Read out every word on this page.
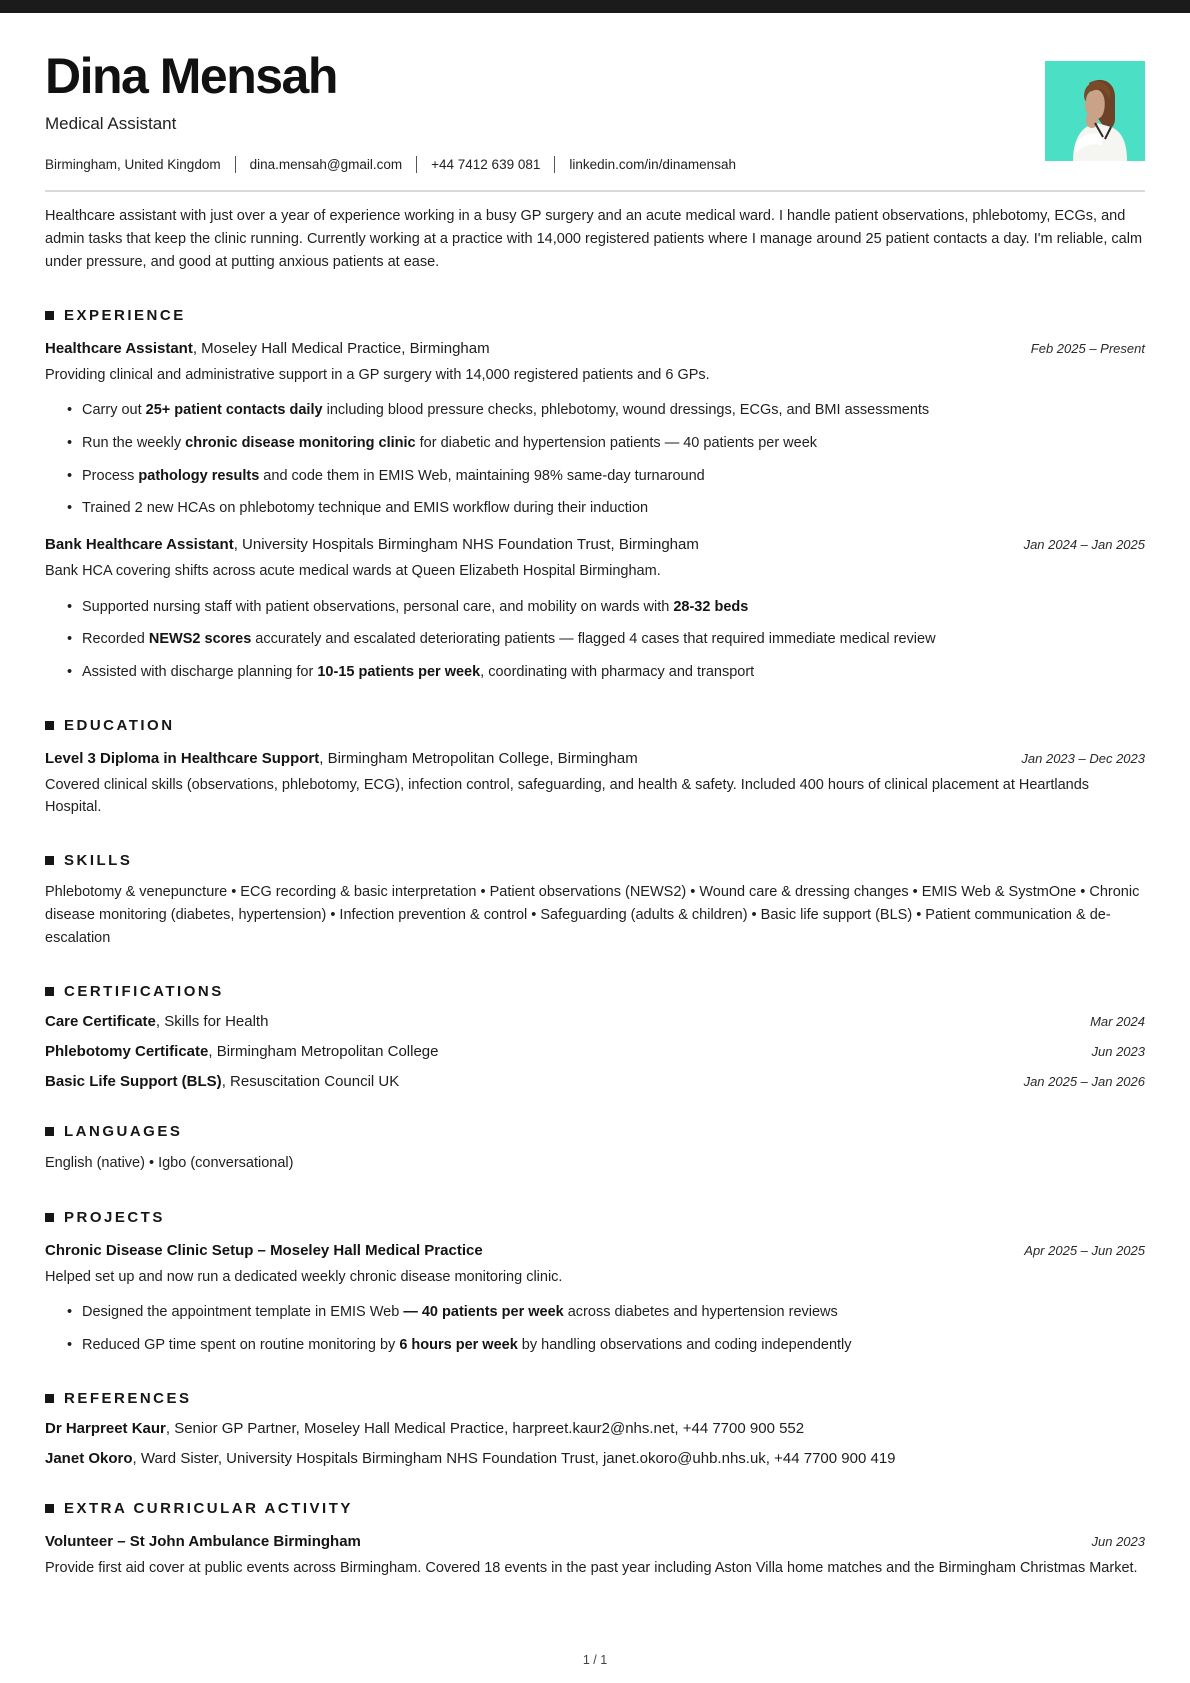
Dina Mensah
Medical Assistant
Birmingham, United Kingdom dina.mensah@gmail.com +44 7412 639 081 linkedin.com/in/dinamensah

Healthcare assistant with just over a year of experience working in a busy GP surgery and an acute medical ward. I handle patient observations, phlebotomy, ECGs, and admin tasks that keep the clinic running. Currently working at a practice with 14,000 registered patients where I manage around 25 patient contacts a day. I'm reliable, calm under pressure, and good at putting anxious patients at ease.

EXPERIENCE
Healthcare Assistant, Moseley Hall Medical Practice, Birmingham	Feb 2025 – Present

Providing clinical and administrative support in a GP surgery with 14,000 registered patients and 6 GPs.

• Carry out 25+ patient contacts daily including blood pressure checks, phlebotomy, wound dressings, ECGs, and BMI assessments
• Run the weekly chronic disease monitoring clinic for diabetic and hypertension patients — 40 patients per week
• Process pathology results and code them in EMIS Web, maintaining 98% same-day turnaround
• Trained 2 new HCAs on phlebotomy technique and EMIS workflow during their induction
Bank Healthcare Assistant, University Hospitals Birmingham NHS Foundation Trust, Birmingham	Jan 2024 – Jan 2025

Bank HCA covering shifts across acute medical wards at Queen Elizabeth Hospital Birmingham.

• Supported nursing staff with patient observations, personal care, and mobility on wards with 28-32 beds
• Recorded NEWS2 scores accurately and escalated deteriorating patients — flagged 4 cases that required immediate medical review
• Assisted with discharge planning for 10-15 patients per week, coordinating with pharmacy and transport
EDUCATION
Level 3 Diploma in Healthcare Support, Birmingham Metropolitan College, Birmingham	Jan 2023 – Dec 2023

Covered clinical skills (observations, phlebotomy, ECG), infection control, safeguarding, and health & safety. Included 400 hours of clinical placement at Heartlands Hospital.

SKILLS

Phlebotomy & venepuncture • ECG recording & basic interpretation • Patient observations (NEWS2) • Wound care & dressing changes • EMIS Web & SystmOne • Chronic disease monitoring (diabetes, hypertension) • Infection prevention & control • Safeguarding (adults & children) • Basic life support (BLS) • Patient communication & de-escalation

CERTIFICATIONS
Care Certificate, Skills for Health	Mar 2024
Phlebotomy Certificate, Birmingham Metropolitan College	Jun 2023
Basic Life Support (BLS), Resuscitation Council UK	Jan 2025 – Jan 2026
LANGUAGES

English (native) • Igbo (conversational)

PROJECTS
Chronic Disease Clinic Setup – Moseley Hall Medical Practice	Apr 2025 – Jun 2025

Helped set up and now run a dedicated weekly chronic disease monitoring clinic.

• Designed the appointment template in EMIS Web — 40 patients per week across diabetes and hypertension reviews
• Reduced GP time spent on routine monitoring by 6 hours per week by handling observations and coding independently
REFERENCES
Dr Harpreet Kaur, Senior GP Partner, Moseley Hall Medical Practice, harpreet.kaur2@nhs.net, +44 7700 900 552
Janet Okoro, Ward Sister, University Hospitals Birmingham NHS Foundation Trust, janet.okoro@uhb.nhs.uk, +44 7700 900 419
EXTRA CURRICULAR ACTIVITY
Volunteer – St John Ambulance Birmingham	Jun 2023

Provide first aid cover at public events across Birmingham. Covered 18 events in the past year including Aston Villa home matches and the Birmingham Christmas Market.

1 / 1
